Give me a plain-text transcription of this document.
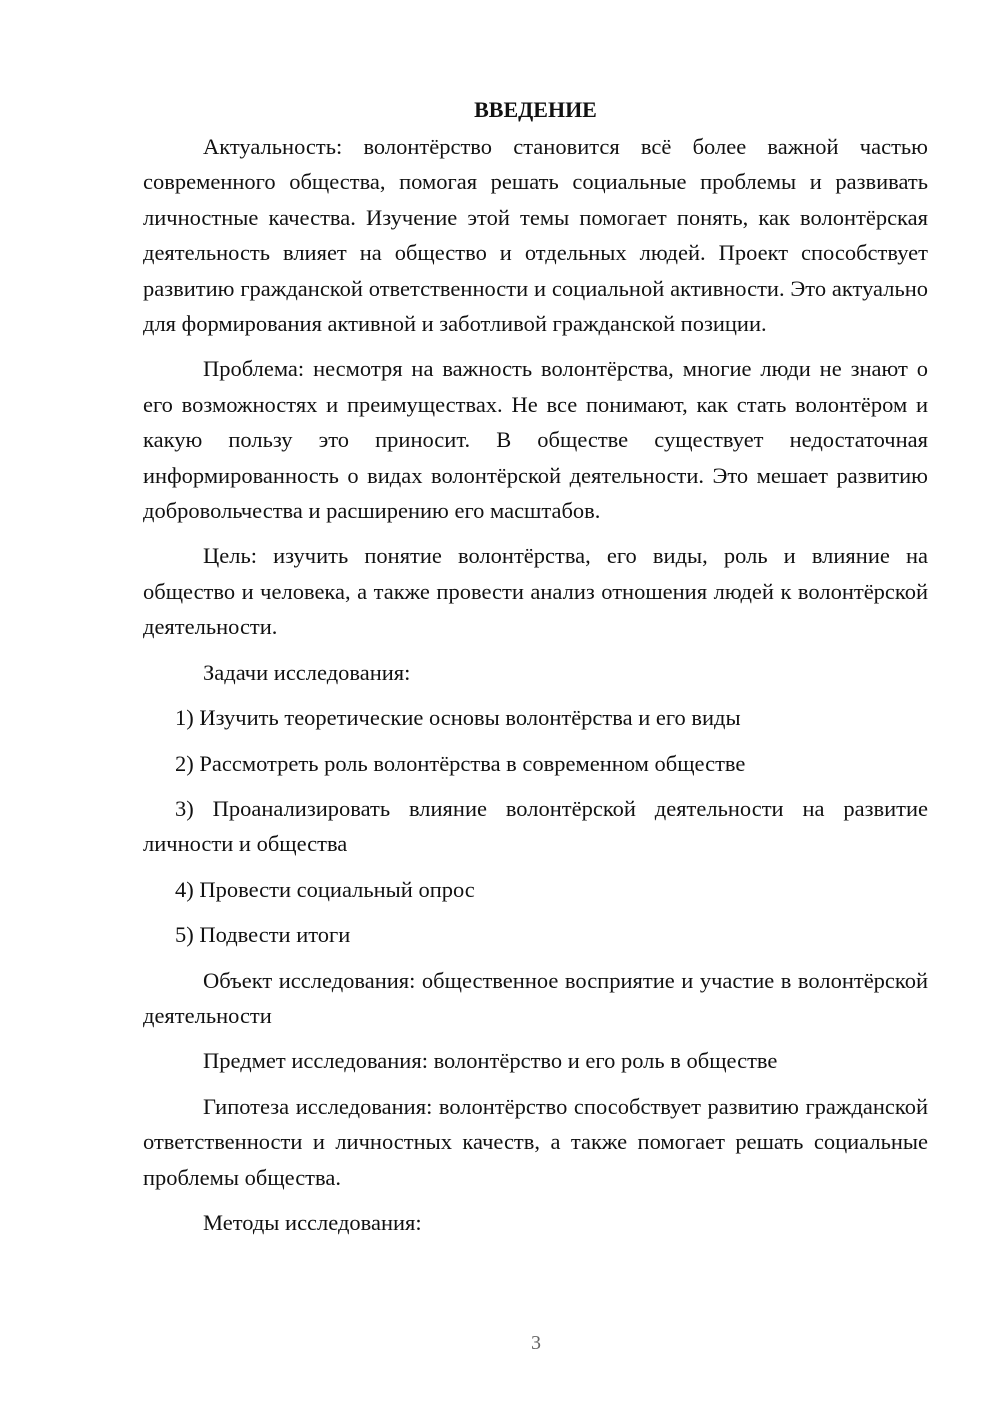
ВВЕДЕНИЕ

Актуальность: волонтёрство становится всё более важной частью современного общества, помогая решать социальные проблемы и развивать личностные качества. Изучение этой темы помогает понять, как волонтёрская деятельность влияет на общество и отдельных людей. Проект способствует развитию гражданской ответственности и социальной активности. Это актуально для формирования активной и заботливой гражданской позиции.

Проблема: несмотря на важность волонтёрства, многие люди не знают о его возможностях и преимуществах. Не все понимают, как стать волонтёром и какую пользу это приносит. В обществе существует недостаточная информированность о видах волонтёрской деятельности. Это мешает развитию добровольчества и расширению его масштабов.

Цель: изучить понятие волонтёрства, его виды, роль и влияние на общество и человека, а также провести анализ отношения людей к волонтёрской деятельности.

Задачи исследования:

1) Изучить теоретические основы волонтёрства и его виды

2) Рассмотреть роль волонтёрства в современном обществе

3) Проанализировать влияние волонтёрской деятельности на развитие личности и общества

4) Провести социальный опрос

5) Подвести итоги

Объект исследования: общественное восприятие и участие в волонтёрской деятельности

Предмет исследования: волонтёрство и его роль в обществе

Гипотеза исследования: волонтёрство способствует развитию гражданской ответственности и личностных качеств, а также помогает решать социальные проблемы общества.

Методы исследования:

3
